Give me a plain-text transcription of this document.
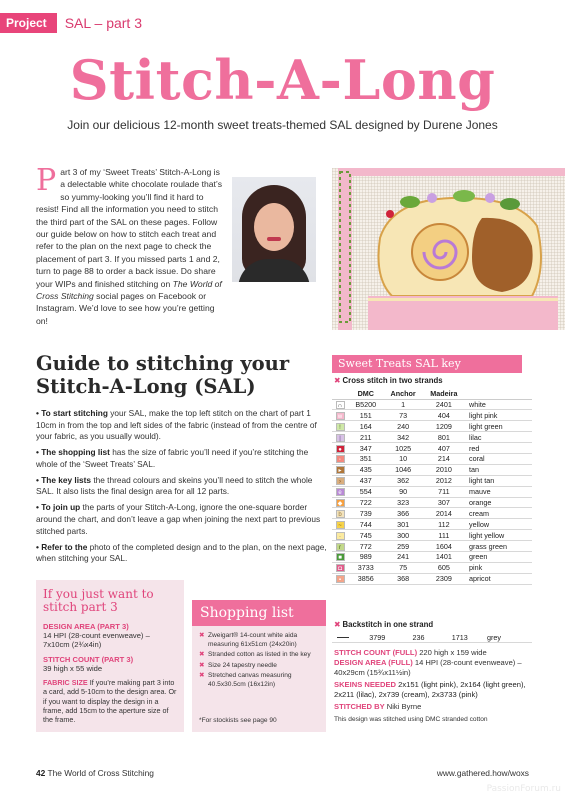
Project	SAL – part 3
Stitch-A-Long
Join our delicious 12-month sweet treats-themed SAL designed by Durene Jones
Part 3 of my ‘Sweet Treats’ Stitch-A-Long is a delectable white chocolate roulade that’s so yummy-looking you’ll find it hard to resist! Find all the information you need to stitch the third part of the SAL on these pages. Follow our guide below on how to stitch each treat and refer to the plan on the next page to check the placement of part 3. If you missed parts 1 and 2, turn to page 88 to order a back issue. Do share your WIPs and finished stitching on The World of Cross Stitching social pages on Facebook or Instagram. We’d love to see how you’re getting on!
Guide to stitching your Stitch-A-Long (SAL)

• To start stitching your SAL, make the top left stitch on the chart of part 1 10cm in from the top and left sides of the fabric (instead of from the centre of your fabric, as you usually would).

• The shopping list has the size of fabric you’ll need if you’re stitching the whole of the ‘Sweet Treats’ SAL.

• The key lists the thread colours and skeins you’ll need to stitch the whole SAL. It also lists the final design area for all 12 parts.

• To join up the parts of your Stitch-A-Long, ignore the one-square border around the chart, and don’t leave a gap when joining the next part to previous stitched parts.

• Refer to the photo of the completed design and to the plan, on the next page, when stitching your SAL.

If you just want to stitch part 3
DESIGN AREA (PART 3)
14 HPI (28-count evenweave) – 7x10cm (2¾x4in)
STITCH COUNT (PART 3)
39 high x 55 wide
FABRIC SIZE If you’re making part 3 into a card, add 5-10cm to the design area. Or if you want to display the design in a frame, add 15cm to the aperture size of the frame.
Shopping list
✖ Zweigart® 14-count white aida measuring 61x51cm (24x20in)
✖ Stranded cotton as listed in the key
✖ Size 24 tapestry needle
✖ Stretched canvas measuring 40.5x30.5cm (16x12in)
*For stockists see page 90
Sweet Treats SAL key
✖ Cross stitch in two strands
	DMC	Anchor	Madeira	
∩	B5200	1	2401	white
w	151	73	404	light pink
!	164	240	1209	light green
|	211	342	801	lilac
●	347	1025	407	red
◦	351	10	214	coral
▸	435	1046	2010	tan
›	437	362	2012	light tan
e	554	90	711	mauve
◆	722	323	307	orange
b	739	366	2014	cream
~	744	301	112	yellow
·	745	300	111	light yellow
r	772	259	1604	grass green
■	989	241	1401	green
◘	3733	75	605	pink
▪	3856	368	2309	apricot
✖ Backstitch in one strand
	3799	236	1713	grey
STITCH COUNT (FULL) 220 high x 159 wide
DESIGN AREA (FULL) 14 HPI (28-count evenweave) – 40x29cm (15¾x11½in)
SKEINS NEEDED 2x151 (light pink), 2x164 (light green), 2x211 (lilac), 2x739 (cream), 2x3733 (pink)
STITCHED BY Niki Byrne
This design was stitched using DMC stranded cotton
42 The World of Cross Stitching	www.gathered.how/woxs
PassionForum.ru
